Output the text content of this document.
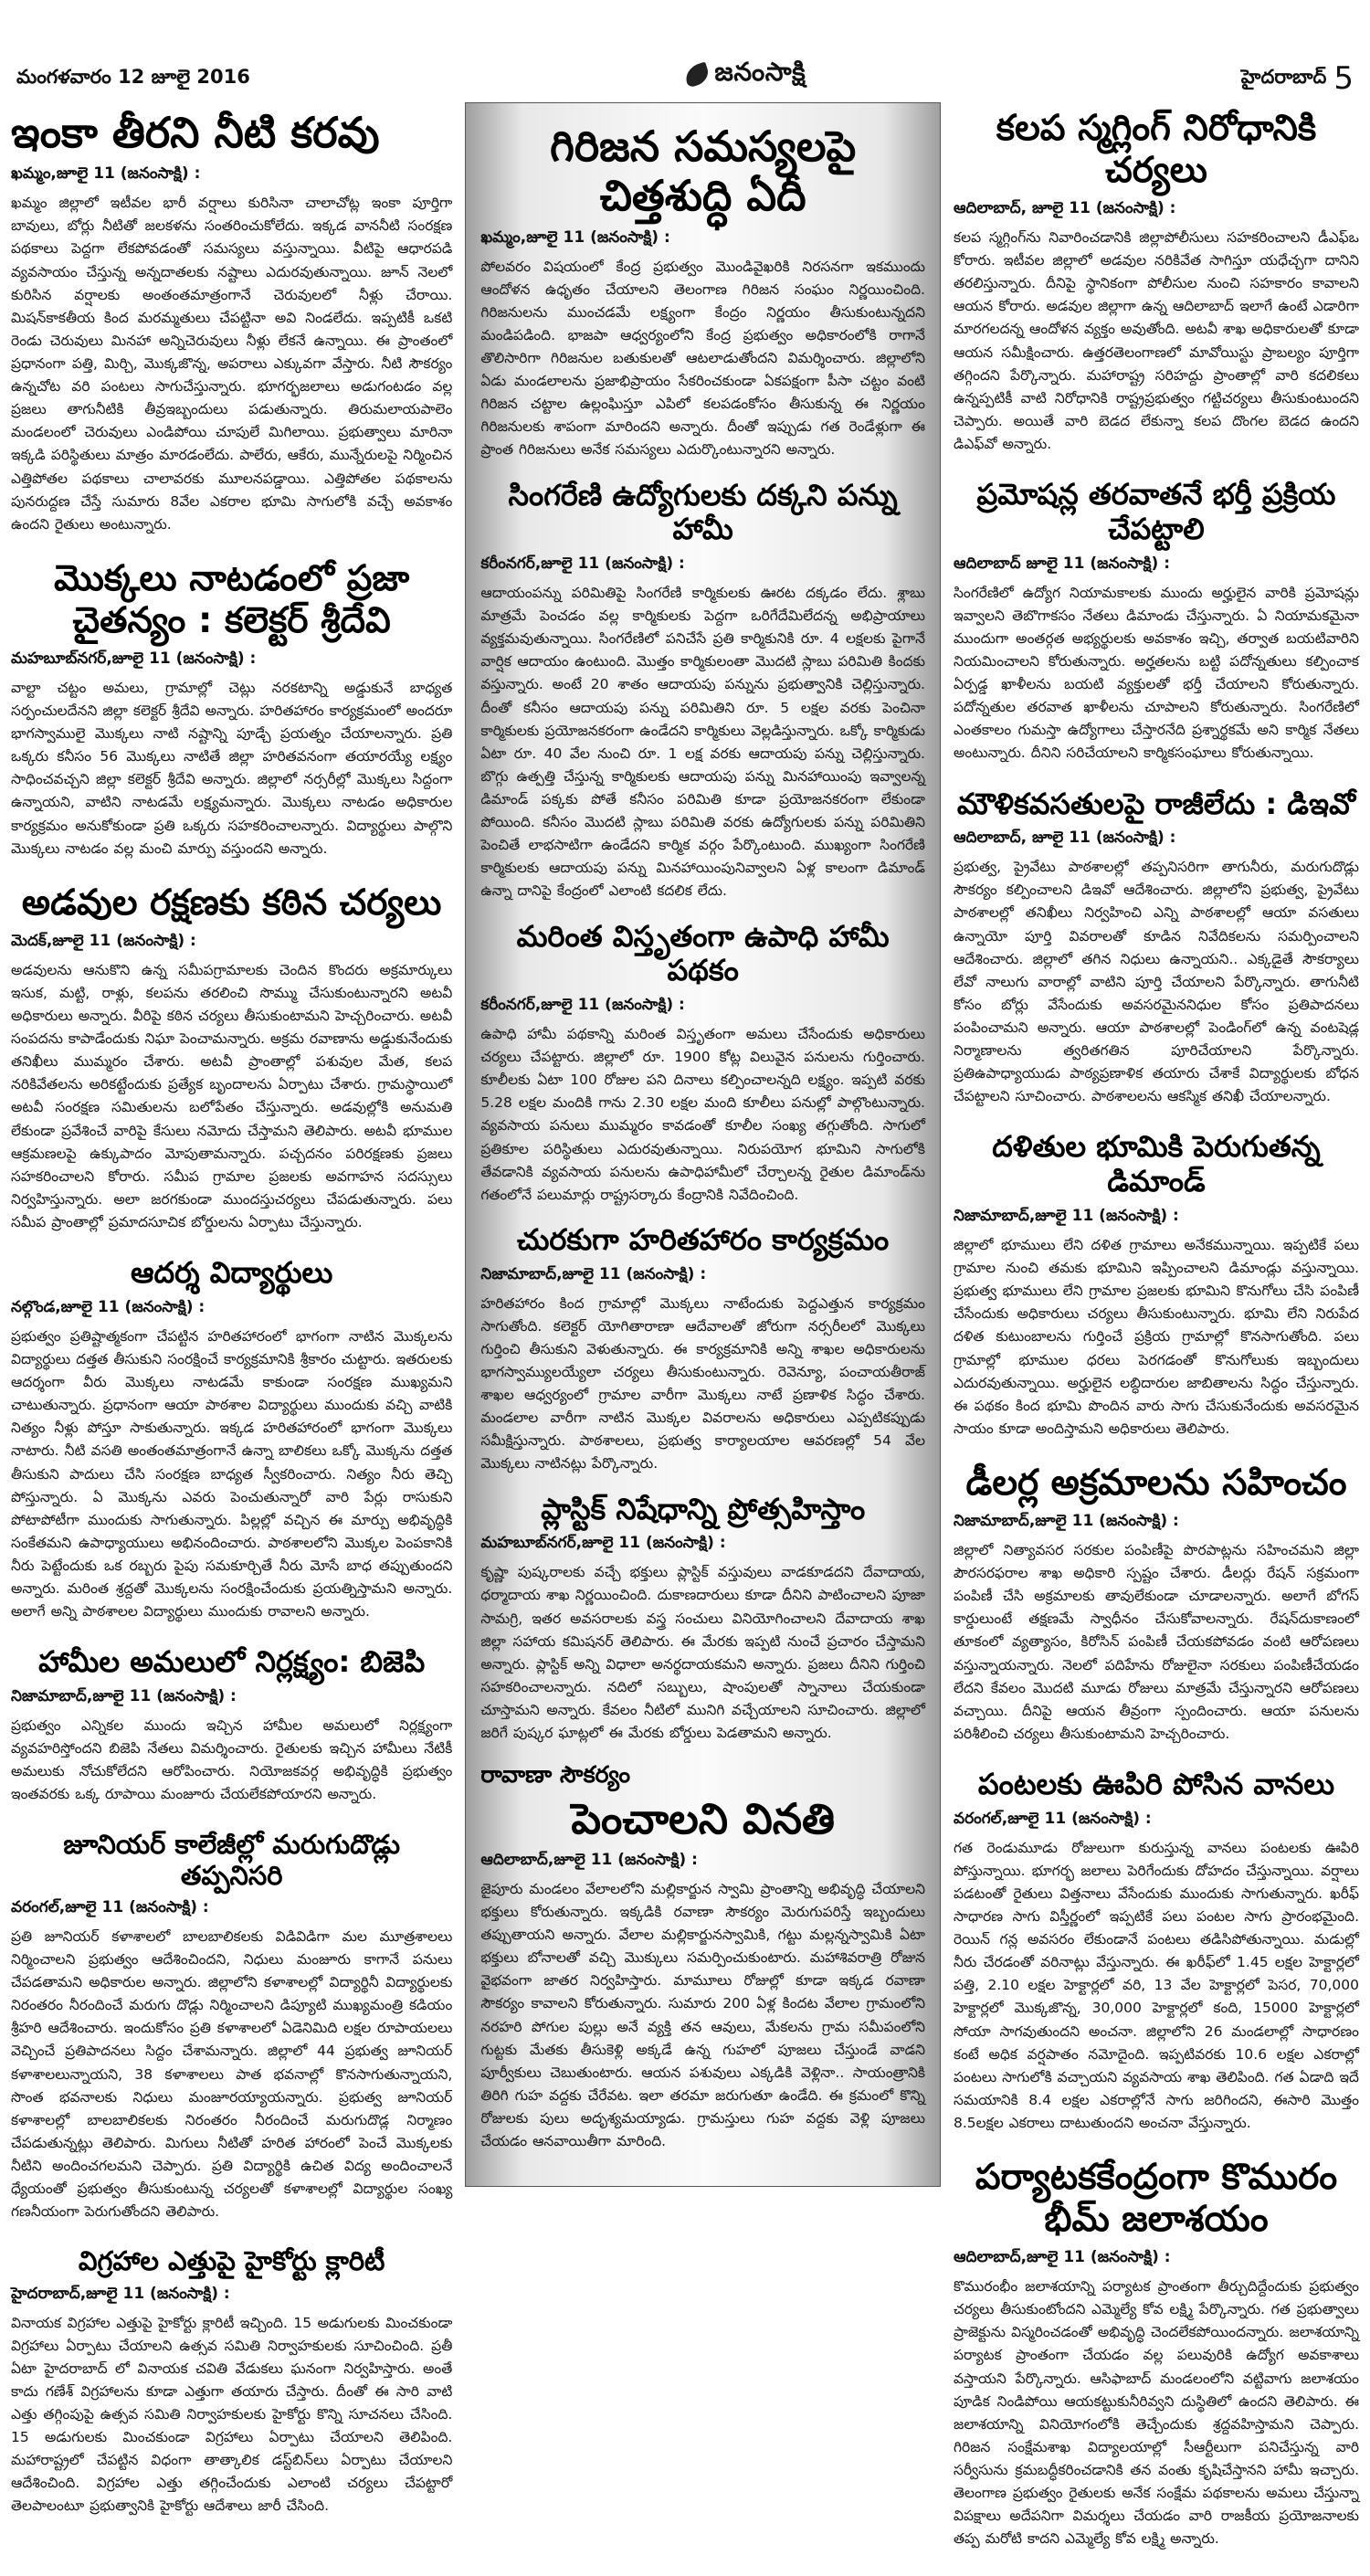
మంగళవారం 12 జూలై 2016	జనంసాక్షి	హైదరాబాద్ 5
ఇంకా తీరని నీటి కరవు

ఖమ్మం,జూలై 11 (జనంసాక్షి) :

ఖమ్మం జిల్లాలో ఇటీవల భారీ వర్షాలు కురిసినా చాలాచోట్ల ఇంకా పూర్తిగా బావులు, బోర్లు నీటితో జలకళను సంతరించుకోలేదు. ఇక్కడ వాననీటి సంరక్షణ పథకాలు పెద్దగా లేకపోవడంతో సమస్యలు వస్తున్నాయి. వీటిపై ఆధారపడి వ్యవసాయం చేస్తున్న అన్నదాతలకు నష్టాలు ఎదురవుతున్నాయి. జూన్ నెలలో కురిసిన వర్షాలకు అంతంతమాత్రంగానే చెరువులలో నీళ్లు చేరాయి. మిషన్‌కాకతీయ కింద మరమ్మతులు చేపట్టినా అవి నిండలేదు. ఇప్పటికీ ఒకటి రెండు చెరువులు మినహా అన్నిచెరువులు నీళ్లు లేకనే ఉన్నాయి. ఈ ప్రాంతంలో ప్రధానంగా పత్తి, మిర్చి, మొక్కజొన్న, అపరాలు ఎక్కువగా వేస్తారు. నీటి సౌకర్యం ఉన్నచోట వరి పంటలు సాగుచేస్తున్నారు. భూగర్భజలాలు అడుగంటడం వల్ల ప్రజలు తాగునీటికి తీవ్రఇబ్బందులు పడుతున్నారు. తిరుమలాయపాలెం మండలంలో చెరువులు ఎండిపోయి చూపులే మిగిలాయి. ప్రభుత్వాలు మారినా ఇక్కడి పరిస్థితులు మాత్రం మారడంలేదు. పాలేరు, ఆకేరు, మున్నేరులపై నిర్మించిన ఎత్తిపోతల పథకాలు చాలావరకు మూలనపడ్డాయి. ఎత్తిపోతల పథకాలను పునరుద్దణ చేస్తే సుమారు 8వేల ఎకరాల భూమి సాగులోకి వచ్చే అవకాశం ఉందని రైతులు అంటున్నారు.

మొక్కలు నాటడంలో ప్రజా చైతన్యం : కలెక్టర్ శ్రీదేవి

మహబూబ్‌నగర్,జూలై 11 (జనంసాక్షి) :

వాల్టా చట్టం అమలు, గ్రామాల్లో చెట్లు నరకటాన్ని అడ్డుకునే బాధ్యత సర్పంచులదేనని జిల్లా కలెక్టర్ శ్రీదేవి అన్నారు. హరితహారం కార్యక్రమంలో అందరూ భాగస్వాములై మొక్కలు నాటి నష్టాన్ని పూడ్చే ప్రయత్నం చేయాలన్నారు. ప్రతి ఒక్కరు కనీసం 56 మొక్కలు నాటితే జిల్లా హరితవనంగా తయారయ్యే లక్ష్యం సాధించవచ్చని జిల్లా కలెక్టర్ శ్రీదేవి అన్నారు. జిల్లాలో నర్సరీల్లో మొక్కలు సిద్దంగా ఉన్నాయని, వాటిని నాటడమే లక్ష్యమన్నారు. మొక్కలు నాటడం అధికారుల కార్యక్రమం అనుకోకుండా ప్రతి ఒక్కరు సహకరించాలన్నారు. విద్యార్థులు పాల్గొని మొక్కలు నాటడం వల్ల మంచి మార్పు వస్తుందని అన్నారు.

అడవుల రక్షణకు కఠిన చర్యలు

మెదక్,జూలై 11 (జనంసాక్షి) :

అడవులను ఆనుకొని ఉన్న సమీపగ్రామాలకు చెందిన కొందరు అక్రమార్కులు ఇసుక, మట్టి, రాళ్లు, కలపను తరలించి సొమ్ము చేసుకుంటున్నారని అటవీ అధికారులు అన్నారు. వీరిపై కఠిన చర్యలు తీసుకుంటామని హెచ్చరించారు. అటవీ సంపదను కాపాడేందుకు నిఘా పెంచామన్నారు. అక్రమ రవాణాను అడ్డుకునేందుకు తనిఖీలు ముమ్మరం చేశారు. అటవీ ప్రాంతాల్లో పశువుల మేత, కలప నరికివేతలను అరికట్టేందుకు ప్రత్యేక బృందాలను ఏర్పాటు చేశారు. గ్రామస్థాయిలో అటవీ సంరక్షణ సమితులను బలోపేతం చేస్తున్నారు. అడవుల్లోకి అనుమతి లేకుండా ప్రవేశించే వారిపై కేసులు నమోదు చేస్తామని తెలిపారు. అటవీ భూముల ఆక్రమణలపై ఉక్కుపాదం మోపుతామన్నారు. పచ్చదనం పరిరక్షణకు ప్రజలు సహకరించాలని కోరారు. సమీప గ్రామాల ప్రజలకు అవగాహన సదస్సులు నిర్వహిస్తున్నారు. అలా జరగకుండా ముందస్తుచర్యలు చేపడుతున్నారు. పలు సమీప ప్రాంతాల్లో ప్రమాదసూచిక బోర్డులను ఏర్పాటు చేస్తున్నారు.

ఆదర్శ విద్యార్థులు

నల్గొండ,జూలై 11 (జనంసాక్షి) :

ప్రభుత్వం ప్రతిష్టాత్మకంగా చేపట్టిన హరితహారంలో భాగంగా నాటిన మొక్కలను విద్యార్థులు దత్తత తీసుకుని సంరక్షించే కార్యక్రమానికి శ్రీకారం చుట్టారు. ఇతరులకు ఆదర్శంగా వీరు మొక్కలు నాటడమే కాకుండా సంరక్షణ ముఖ్యమని చాటుతున్నారు. ప్రధానంగా ఆయా పాఠశాల విద్యార్థులు ముందుకు వచ్చి వాటికి నిత్యం నీళ్లు పోస్తూ సాకుతున్నారు. ఇక్కడ హరితహారంలో భాగంగా మొక్కలు నాటారు. నీటి వసతి అంతంతమాత్రంగానే ఉన్నా బాలికలు ఒక్కో మొక్కను దత్తత తీసుకుని పాదులు చేసి సంరక్షణ బాధ్యత స్వీకరించారు. నిత్యం నీరు తెచ్చి పోస్తున్నారు. ఏ మొక్కను ఎవరు పెంచుతున్నారో వారి పేర్లు రాసుకుని పోటాపోటీగా ముందుకు సాగుతున్నారు. పిల్లల్లో వచ్చిన ఈ మార్పు అభివృద్ధికి సంకేతమని ఉపాధ్యాయులు అభినందించారు. పాఠశాలలోని మొక్కల పెంపకానికి నీరు పెట్టేందుకు ఒక రబ్బరు పైపు సమకూర్చితే నీరు మోసే బాధ తప్పుతుందని అన్నారు. మరింత శ్రద్దతో మొక్కలను సంరక్షించేందుకు ప్రయత్నిస్తామని అన్నారు. అలాగే అన్ని పాఠశాలల విద్యార్థులు ముందుకు రావాలని అన్నారు.

హామీల అమలులో నిర్లక్ష్యం: బిజెపి

నిజామాబాద్,జూలై 11 (జనంసాక్షి) :

ప్రభుత్వం ఎన్నికల ముందు ఇచ్చిన హామీల అమలులో నిర్లక్ష్యంగా వ్యవహరిస్తోందని బిజెపి నేతలు విమర్శించారు. రైతులకు ఇచ్చిన హామీలు నేటికీ అమలుకు నోచుకోలేదని ఆరోపించారు. నియోజకవర్గ అభివృద్ధికి ప్రభుత్వం ఇంతవరకు ఒక్క రూపాయి మంజూరు చేయలేకపోయారని అన్నారు.

జూనియర్ కాలేజీల్లో మరుగుదొడ్లు తప్పనిసరి

వరంగల్,జూలై 11 (జనంసాక్షి) :

ప్రతి జూనియర్ కళాశాలలో బాలబాలికలకు విడివిడిగా మల మూత్రశాలలు నిర్మించాలని ప్రభుత్వం ఆదేశించిందని, నిధులు మంజూరు కాగానే పనులు చేపడతామని అధికారుల అన్నారు. జిల్లాలోని కళాశాలల్లో విద్యార్థినీ విద్యార్థులకు నిరంతరం నీరందించే మరుగు దొడ్లు నిర్మించాలని డిప్యూటి ముఖ్యమంత్రి కడియం శ్రీహరి ఆదేశించారు. ఇందుకోసం ప్రతి కళాశాలలో ఏడెనిమిది లక్షల రూపాయలలు వెచ్చించే ప్రతిపాదనలు సిద్దం చేశామన్నారు. జిల్లాలో 44 ప్రభుత్వ జూనియర్ కళాశాలలున్నాయని, 38 కళాశాలలు పాత భవనాల్లో కొనసాగుతున్నాయని, సొంత భవనాలకు నిధులు మంజూరయ్యాయన్నారు. ప్రభుత్వ జూనియర్ కళాశాలల్లో బాలబాలికలకు నిరంతరం నీరందించే మరుగుదొడ్ల నిర్మాణం చేపడుతున్నట్లు తెలిపారు. మిగులు నీటితో హరిత హారంలో పెంచే మొక్కలకు నీటిని అందించగలమని చెప్పారు. ప్రతి విద్యార్థికి ఉచిత విద్య అందించాలనే ధ్యేయంతో ప్రభుత్వం తీసుకుంటున్న చర్యలతో కళాశాలల్లో విద్యార్థుల సంఖ్య గణనీయంగా పెరుగుతోందని తెలిపారు.

విగ్రహాల ఎత్తుపై హైకోర్టు క్లారిటీ

హైదరాబాద్,జూలై 11 (జనంసాక్షి) :

వినాయక విగ్రహాల ఎత్తుపై హైకోర్టు క్లారిటీ ఇచ్చింది. 15 అడుగులకు మించకుండా విగ్రహాలు ఏర్పాటు చేయాలని ఉత్సవ సమితి నిర్వాహకులకు సూచించింది. ప్రతీ ఏటా హైదరాబాద్ లో వినాయక చవితి వేడుకలు ఘనంగా నిర్వహిస్తారు. అంతే కాదు గణేశ్ విగ్రహాలను కూడా ఎత్తుగా తయారు చేస్తారు. దీంతో ఈ సారి వాటి ఎత్తు తగ్గింపుపై ఉత్సవ సమితి నిర్వాహకులకు హైకోర్టు కొన్ని సూచనలు చేసింది. 15 అడుగులకు మించకుండా విగ్రహాలు ఏర్పాటు చేయాలని తెలిపింది. మహారాష్ట్రలో చేపట్టిన విధంగా తాత్కాలిక డస్ట్‌బిన్‌లు ఏర్పాటు చేయాలని ఆదేశించింది. విగ్రహాల ఎత్తు తగ్గించేందుకు ఎలాంటి చర్యలు చేపట్టారో తెలపాలంటూ ప్రభుత్వానికి హైకోర్టు ఆదేశాలు జారీ చేసింది.

గిరిజన సమస్యలపై చిత్తశుద్ధి ఏదీ

ఖమ్మం,జూలై 11 (జనంసాక్షి) :

పోలవరం విషయంలో కేంద్ర ప్రభుత్వం మొండివైఖరికి నిరసనగా ఇకముందు ఆందోళన ఉధృతం చేయాలని తెలంగాణ గిరిజన సంఘం నిర్ణయించింది. గిరిజనులను ముంచడమే లక్ష్యంగా కేంద్రం నిర్ణయం తీసుకుంటున్నదని మండిపడింది. భాజపా ఆధ్వర్యంలోని కేంద్ర ప్రభుత్వం అధికారంలోకి రాగానే తొలిసారిగా గిరిజనుల బతుకులతో ఆటలాడుతోందని విమర్శించారు. జిల్లాలోని ఏడు మండలాలను ప్రజాభిప్రాయం సేకరించకుండా ఏకపక్షంగా పీసా చట్టం వంటి గిరిజన చట్టాల ఉల్లంఘిస్తూ ఎపిలో కలపడంకోసం తీసుకున్న ఈ నిర్ణయం గిరిజనులకు శాపంగా మారిందని అన్నారు. దీంతో ఇప్పుడు గత రెండేళ్లుగా ఈ ప్రాంత గిరిజనులు అనేక సమస్యలు ఎదుర్కొంటున్నారని అన్నారు.

సింగరేణి ఉద్యోగులకు దక్కని పన్ను హామీ

కరీంనగర్,జూలై 11 (జనంసాక్షి) :

ఆదాయంపన్ను పరిమితిపై సింగరేణి కార్మికులకు ఊరట దక్కడం లేదు. శ్లాబు మాత్రమే పెంచడం వల్ల కార్మికులకు పెద్దగా ఒరిగేదేమిలేదన్న అభిప్రాయాలు వ్యక్తమవుతున్నాయి. సింగరేణిలో పనిచేసే ప్రతి కార్మికునికి రూ. 4 లక్షలకు పైగానే వార్షిక ఆదాయం ఉంటుంది. మొత్తం కార్మికులంతా మొదటి స్లాబు పరిమితి కిందకు వస్తున్నారు. అంటే 20 శాతం ఆదాయపు పన్నును ప్రభుత్వానికి చెల్లిస్తున్నారు. దీంతో కనీసం ఆదాయపు పన్ను పరిమితిని రూ. 5 లక్షల వరకు పెంచినా కార్మికులకు ప్రయోజనకరంగా ఉండేదని కార్మికులు వెల్లడిస్తున్నారు. ఒక్కో కార్మికుడు ఏటా రూ. 40 వేల నుంచి రూ. 1 లక్ష వరకు ఆదాయపు పన్ను చెల్లిస్తున్నారు. బొగ్గు ఉత్పత్తి చేస్తున్న కార్మికులకు ఆదాయపు పన్ను మినహాయింపు ఇవ్వాలన్న డిమాండ్ పక్కకు పోతే కనీసం పరిమితి కూడా ప్రయోజనకరంగా లేకుండా పోయింది. కనీసం మొదటి స్లాబు పరిమితి వరకు ఉద్యోగులకు పన్ను పరిమితిని పెంచితే లాభసాటిగా ఉండేదని కార్మిక వర్గం పేర్కొంటుంది. ముఖ్యంగా సింగరేణి కార్మికులకు ఆదాయపు పన్ను మినహాయింపునివ్వాలని ఏళ్ల కాలంగా డిమాండ్ ఉన్నా దానిపై కేంద్రంలో ఎలాంటి కదలిక లేదు.

మరింత విస్తృతంగా ఉపాధి హామీ పథకం

కరీంనగర్,జూలై 11 (జనంసాక్షి) :

ఉపాధి హామీ పథకాన్ని మరింత విస్తృతంగా అమలు చేసేందుకు అధికారులు చర్యలు చేపట్టారు. జిల్లాలో రూ. 1900 కోట్ల విలువైన పనులను గుర్తించారు. కూలీలకు ఏటా 100 రోజుల పని దినాలు కల్పించాలన్నది లక్ష్యం. ఇప్పటి వరకు 5.28 లక్షల మందికి గాను 2.30 లక్షల మంది కూలీలు పనుల్లో పాల్గొంటున్నారు. వ్యవసాయ పనులు ముమ్మరం కావడంతో కూలీల సంఖ్య తగ్గుతోంది. సాగులో ప్రతికూల పరిస్థితులు ఎదురవుతున్నాయి. నిరుపయోగ భూమిని సాగులోకి తేవడానికి వ్యవసాయ పనులను ఉపాధిహామీలో చేర్చాలన్న రైతుల డిమాండ్‌ను గతంలోనే పలుమార్లు రాష్ట్రసర్కారు కేంద్రానికి నివేదించింది.

చురకుగా హరితహారం కార్యక్రమం

నిజామాబాద్,జూలై 11 (జనంసాక్షి) :

హరితహారం కింద గ్రామాల్లో మొక్కలు నాటేందుకు పెద్దఎత్తున కార్యక్రమం సాగుతోంది. కలెక్టర్ యోగితారాణా ఆదేవాలతో జోరుగా నర్సరీలలో మొక్కలు గుర్తించి తీసుకుని వెళుతున్నారు. ఈ కార్యక్రమానికి అన్ని శాఖల అధికారులను భాగస్వామ్యులయ్యేలా చర్యలు తీసుకుంటున్నారు. రెవెన్యూ, పంచాయతీరాజ్ శాఖల ఆధ్వర్యంలో గ్రామాల వారీగా మొక్కలు నాటే ప్రణాళిక సిద్ధం చేశారు. మండలాల వారీగా నాటిన మొక్కల వివరాలను అధికారులు ఎప్పటికప్పుడు సమీక్షిస్తున్నారు. పాఠశాలలు, ప్రభుత్వ కార్యాలయాల ఆవరణల్లో 54 వేల మొక్కలు నాటినట్లు పేర్కొన్నారు.

ప్లాస్టిక్ నిషేధాన్ని ప్రోత్సహిస్తాం

మహబూబ్‌నగర్,జూలై 11 (జనంసాక్షి) :

కృష్ణా పుష్కరాలకు వచ్చే భక్తులు ప్లాస్టిక్ వస్తువులు వాడకూడదని దేవాదాయ, ధర్మాదాయ శాఖ నిర్ణయించింది. దుకాణదారులు కూడా దీనిని పాటించాలని పూజా సామగ్రి, ఇతర అవసరాలకు వస్త్ర సంచులు వినియోగించాలని దేవాదాయ శాఖ జిల్లా సహాయ కమిషనర్ తెలిపారు. ఈ మేరకు ఇప్పటి నుంచే ప్రచారం చేస్తామని అన్నారు. ప్లాస్టిక్ అన్ని విధాలా అనర్థదాయకమని అన్నారు. ప్రజలు దీనిని గుర్తించి సహకరించాలన్నారు. నదిలో సబ్బులు, షాంపులతో స్నానాలు చేయకుండా చూస్తామని అన్నారు. కేవలం నీటిలో మునిగి వచ్చేయాలని సూచించారు. జిల్లాలో జరిగే పుష్కర ఘాట్లలో ఈ మేరకు బోర్డులు పెడతామని అన్నారు.

రావాణా సౌకర్యం
పెంచాలని వినతి

ఆదిలాబాద్,జూలై 11 (జనంసాక్షి) :

జైపూరు మండలం వేలాలలోని మల్లికార్జున స్వామి ప్రాంతాన్ని అభివృద్ధి చేయాలని భక్తులు కోరుతున్నారు. ఇక్కడికి రవాణా సౌకర్యం మెరుగుపరిస్తే ఇబ్బందులు తప్పుతాయని అన్నారు. వేలాల మల్లికార్జునస్వామికి, గట్టు మల్లన్నస్వామికి ఏటా భక్తులు బోనాలతో వచ్చి మొక్కులు సమర్పించుకుంటారు. మహాశివరాత్రి రోజున వైభవంగా జాతర నిర్వహిస్తారు. మామూలు రోజుల్లో కూడా ఇక్కడ రవాణా సౌకర్యం కావాలని కోరుతున్నారు. సుమారు 200 ఏళ్ల కిందట వేలాల గ్రామంలోని నరహరి పోగుల పుల్లు అనే వ్యక్తి తన ఆవులు, మేకలను గ్రామ సమీపంలోని గుట్టకు మేతకు తీసుకెళ్లి అక్కడే ఉన్న గుహలో పూజలు చేస్తుండే వాడని పూర్వీకులు చెబుతుంటారు. ఆయన పశువులు ఎక్కడికి వెళ్లినా.. సాయంత్రానికి తిరిగి గుహ వద్దకు చేరేవట. ఇలా తరమా జరుగుతూ ఉండేది. ఈ క్రమంలో కొన్ని రోజులకు పులు అదృశ్యమయ్యాడు. గ్రామస్తులు గుహ వద్దకు వెళ్లి పూజలు చేయడం ఆనవాయితీగా మారింది.

కలప స్మగ్లింగ్ నిరోధానికి చర్యలు

ఆదిలాబాద్, జూలై 11 (జనంసాక్షి) :

కలప స్మగ్గింగ్‌ను నివారించడానికి జిల్లాపోలీసులు సహకరించాలని డీఎఫ్ఒ కోరారు. ఇటీవల జిల్లాలో అడవుల నరికివేత సాగిస్తూ యధేచ్చగా దానిని తరలిస్తున్నారు. దీనిపై స్థానికంగా పోలీసుల నుంచి సహకారం కావాలని ఆయన కోరారు. అడవుల జిల్లాగా ఉన్న ఆదిలాబాద్ ఇలాగే ఉంటే ఎడారిగా మారగలదన్న ఆందోళన వ్యక్తం అవుతోంది. అటవీ శాఖ అధికారులతో కూడా ఆయన సమీక్షించారు. ఉత్తరతెలంగాణలో మావోయిస్టు ప్రాబల్యం పూర్తిగా తగ్గిందని పేర్కొన్నారు. మహారాష్ట్ర సరిహద్దు ప్రాంతాల్లో వారి కదలికలు ఉన్నప్పటికీ వాటి నిరోధానికి రాష్ట్రప్రభుత్వం గట్టిచర్యలు తీసుకుంటుందని చెప్పారు. అయితే వారి బెడద లేకున్నా కలప దొంగల బెడద ఉందని డిఎఫ్‌వో అన్నారు.

ప్రమోషన్ల తరవాతనే భర్తీ ప్రక్రియ చేపట్టాలి

ఆదిలాబాద్ జూలై 11 (జనంసాక్షి) :

సింగరేణిలో ఉద్యోగ నియామకాలకు ముందు అర్హులైన వారికి ప్రమోషన్లు ఇవ్వాలని తెబొగాకసం నేతలు డిమాండు చేస్తున్నారు. ఏ నియామకమైనా ముందుగా అంతర్గత అభ్యర్థులకు అవకాశం ఇచ్చి, తర్వాత బయటివారిని నియమించాలని కోరుతున్నారు. అర్హతలను బట్టి పదోన్నతులు కల్పించాక ఏర్పడ్డ ఖాళీలను బయటి వ్యక్తులతో భర్తీ చేయాలని కోరుతున్నారు. పదోన్నతుల తరవాత ఖాళీలను చూపాలని కోరుతున్నారు. సింగరేణిలో ఎంతకాలం గుమస్తా ఉద్యోగాలు చేస్తారనేది ప్రశ్నార్థకమే అని కార్మిక నేతలు అంటున్నారు. దీనిని సరిచేయాలని కార్మికసంఘాలు కోరుతున్నాయి.

మౌళికవసతులపై రాజీలేదు : డిఇవో

ఆదిలాబాద్, జూలై 11 (జనంసాక్షి) :

ప్రభుత్వ, ప్రైవేటు పాఠశాలల్లో తప్పనిసరిగా తాగునీరు, మరుగుదొడ్లు సౌకర్యం కల్పించాలని డిఇవో ఆదేశించారు. జిల్లాలోని ప్రభుత్వ, ప్రైవేటు పాఠశాలల్లో తనిఖీలు నిర్వహించి ఎన్ని పాఠశాలల్లో ఆయా వసతులు ఉన్నాయో పూర్తి వివరాలతో కూడిన నివేదికలను సమర్పించాలని ఆదేశించారు. జిల్లాలో తగిన నిధులు ఉన్నాయని.. ఎక్కడైతే సౌకర్యాలు లేవో నాలుగు వారాల్లో వాటిని పూర్తి చేయాలని పేర్కొన్నారు. తాగునీటి కోసం బోర్లు వేసేందుకు అవసరమైననిధుల కోసం ప్రతిపాదనలు పంపించామని అన్నారు. ఆయా పాఠశాలల్లో పెండింగ్‌లో ఉన్న వంటషెడ్ల నిర్మాణాలను త్వరితగతిన పూరిచేయాలని పేర్కొన్నారు. ప్రతిఉపాధ్యాయుడు పాఠ్యప్రణాళిక తయారు చేశాకే విద్యార్థులకు బోధన చేపట్టాలని సూచించారు. పాఠశాలలను ఆకస్మిక తనిఖీ చేయాలన్నారు.

దళితుల భూమికి పెరుగుతన్న డిమాండ్

నిజామాబాద్,జూలై 11 (జనంసాక్షి) :

జిల్లాలో భూములు లేని దళిత గ్రామాలు అనేకమున్నాయి. ఇప్పటికే పలు గ్రామాల నుంచి తమకు భూమిని ఇప్పించాలని డిమాండ్లు వస్తున్నాయి. ప్రభుత్వ భూములు లేని గ్రామాల ప్రజలకు భూమిని కొనుగోలు చేసి పంపిణీ చేసేందుకు అధికారులు చర్యలు తీసుకుంటున్నారు. భూమి లేని నిరుపేద దళిత కుటుంబాలను గుర్తించే ప్రక్రియ గ్రామాల్లో కొనసాగుతోంది. పలు గ్రామాల్లో భూముల ధరలు పెరగడంతో కొనుగోలుకు ఇబ్బందులు ఎదురవుతున్నాయి. అర్హులైన లబ్ధిదారుల జాబితాలను సిద్ధం చేస్తున్నారు. ఈ పథకం కింద భూమి పొందిన వారు సాగు చేసుకునేందుకు అవసరమైన సాయం కూడా అందిస్తామని అధికారులు తెలిపారు.

డీలర్ల అక్రమాలను సహించం

నిజామాబాద్,జూలై 11 (జనంసాక్షి) :

జిల్లాలో నిత్యావసర సరకుల పంపిణీపై పొరపాట్లను సహించమని జిల్లా పౌరసరఫరాల శాఖ అధికారి స్పష్టం చేశారు. డీలర్లు రేషన్ సక్రమంగా పంపిణీ చేసి అక్రమాలకు తావులేకుండా చూడాలన్నారు. అలాగే బోగస్ కార్డులుంటే తక్షణమే స్వాధీనం చేసుకోవాలన్నారు. రేషన్‌దుకాణంలో తూకంలో వ్యత్యాసం, కిరోసిన్ పంపిణీ చేయకపోవడం వంటి ఆరోపణలు వస్తున్నాయన్నారు. నెలలో పదిహేను రోజులైనా సరకులు పంపిణీచేయడం లేదని కేవలం మొదటి మూడు రోజులు మాత్రమే చేస్తున్నారని ఆరోపణలు వచ్చాయి. దీనిపై ఆయన తీవ్రంగా స్పందించారు. ఆయా పనులను పరిశీలించి చర్యలు తీసుకుంటామని హెచ్చరించారు.

పంటలకు ఊపిరి పోసిన వానలు

వరంగల్,జూలై 11 (జనంసాక్షి) :

గత రెండుమూడు రోజులుగా కురుస్తున్న వానలు పంటలకు ఊపిరి పోస్తున్నాయి. భూగర్భ జలాలు పెరిగేందుకు దోహదం చేస్తున్నాయి. వర్షాలు పడటంతో రైతులు విత్తనాలు వేసేందుకు ముందుకు సాగుతున్నారు. ఖరీఫ్ సాధారణ సాగు విస్తీర్ణంలో ఇప్పటికే పలు పంటల సాగు ప్రారంభమైంది. రెయిన్ గన్ల అవసరం లేకుండానే పంటలు తడిసిపోతున్నాయి. మడుల్లో నీరు చేరడంతో వరినాట్లు వేస్తున్నారు. ఈ ఖరీఫ్‌లో 1.45 లక్షల హెక్టార్లలో పత్తి, 2.10 లక్షల హెక్టార్లలో వరి, 13 వేల హెక్టార్లలో పెసర, 70,000 హెక్టార్లలో మొక్కజొన్న, 30,000 హెక్టార్లలో కంది, 15000 హెక్టార్లలో సోయా సాగవుతుందని అంచనా. జిల్లాలోని 26 మండలాల్లో సాధారణం కంటే అధిక వర్షపాతం నమోదైంది. ఇప్పటివరకు 10.6 లక్షల ఎకరాల్లో పంటలు సాగులోకి వచ్చాయని వ్యవసాయ శాఖ తెలిపింది. గత ఏడాది ఇదే సమయానికి 8.4 లక్షల ఎకరాల్లోనే సాగు జరిగిందని, ఈసారి మొత్తం 8.5లక్షల ఎకరాలు దాటుతుందని అంచనా వేస్తున్నారు.

పర్యాటకకేంద్రంగా కొమురం భీమ్ జలాశయం

ఆదిలాబాద్,జూలై 11 (జనంసాక్షి) :

కొమురంభీం జలాశయాన్ని పర్యాటక ప్రాంతంగా తీర్చుదిద్దేందుకు ప్రభుత్వం చర్యలు తీసుకుంటోందని ఎమ్మెల్యే కోవ లక్ష్మి పేర్కొన్నారు. గత ప్రభుత్వాలు ప్రాజెక్టును విస్మరించడంతో అభివృద్ధి చెందలేకపోయిందన్నారు. జలాశయాన్ని పర్యాటక ప్రాంతంగా చేయడం వల్ల పలువురికి ఉద్యోగ అవకాశాలు వస్తాయని పేర్కొన్నారు. ఆసిఫాబాద్ మండలంలోని వట్టివాగు జలాశయం పూడిక నిండిపోయి ఆయకట్టుకునీరివ్వని దుస్థితిలో ఉందని తెలిపారు. ఈ జలాశయాన్ని వినియోగంలోకి తెచ్చేందుకు శ్రద్దవహిస్తామని చెప్పారు. గిరిజన సంక్షేమశాఖ విద్యాలయాల్లో సీఆర్టీలుగా పనిచేస్తున్న వారి సర్వీసును క్రమబద్ధీకరించడానికి తన వంతు కృషిచేస్తానని హామీ ఇచ్చారు. తెలంగాణ ప్రభుత్వం రైతులకు అనేక సంక్షేమ పథకాలను అమలు చేస్తున్నా విపక్షాలు అదేపనిగా విమర్శలు చేయడం వారి రాజకీయ ప్రయోజనాలకు తప్ప మరోటి కాదని ఎమ్మెల్యే కోవ లక్ష్మి అన్నారు.
